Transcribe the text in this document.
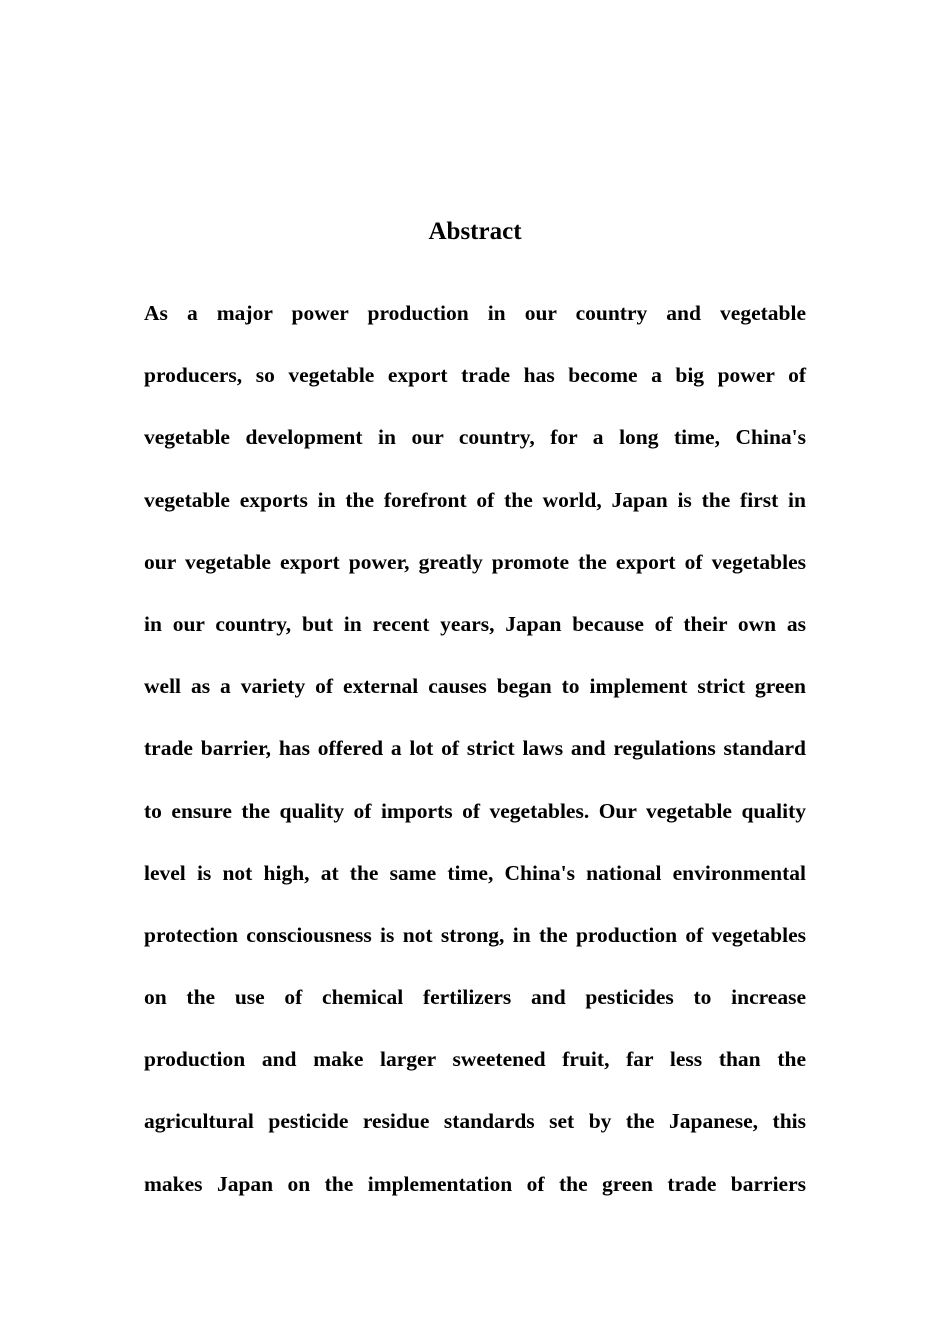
Abstract
As a major power production in our country and vegetable
producers, so vegetable export trade has become a big power of
vegetable development in our country, for a long time, China's
vegetable exports in the forefront of the world, Japan is the first in
our vegetable export power, greatly promote the export of vegetables
in our country, but in recent years, Japan because of their own as
well as a variety of external causes began to implement strict green
trade barrier, has offered a lot of strict laws and regulations standard
to ensure the quality of imports of vegetables. Our vegetable quality
level is not high, at the same time, China's national environmental
protection consciousness is not strong, in the production of vegetables
on the use of chemical fertilizers and pesticides to increase
production and make larger sweetened fruit, far less than the
agricultural pesticide residue standards set by the Japanese, this
makes Japan on the implementation of the green trade barriers
